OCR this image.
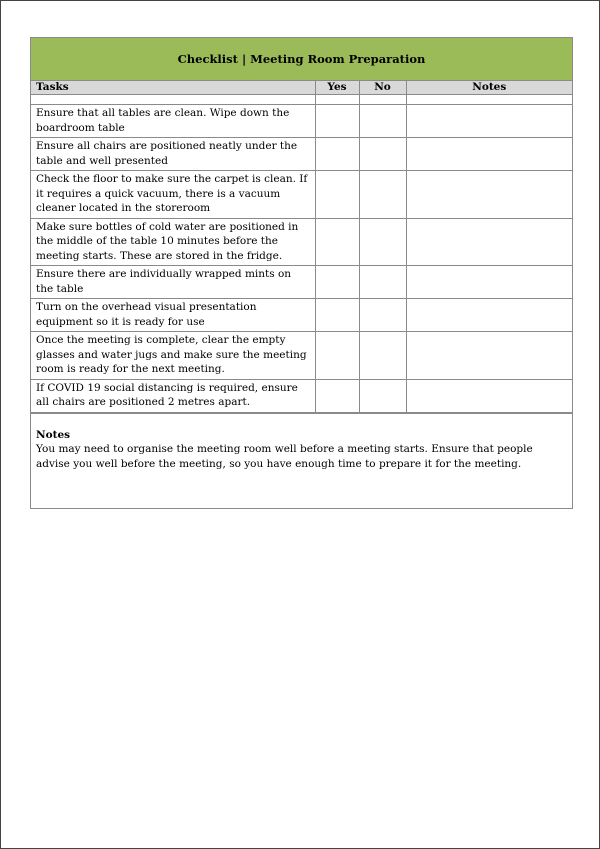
Checklist | Meeting Room Preparation
Tasks	Yes	No	Notes

Ensure that all tables are clean. Wipe down the boardroom table			
Ensure all chairs are positioned neatly under the table and well presented			
Check the floor to make sure the carpet is clean. If it requires a quick vacuum, there is a vacuum cleaner located in the storeroom			
Make sure bottles of cold water are positioned in the middle of the table 10 minutes before the meeting starts. These are stored in the fridge.			
Ensure there are individually wrapped mints on the table			
Turn on the overhead visual presentation equipment so it is ready for use			
Once the meeting is complete, clear the empty glasses and water jugs and make sure the meeting room is ready for the next meeting.			
If COVID 19 social distancing is required, ensure all chairs are positioned 2 metres apart.			
Notes
You may need to organise the meeting room well before a meeting starts. Ensure that people advise you well before the meeting, so you have enough time to prepare it for the meeting.
